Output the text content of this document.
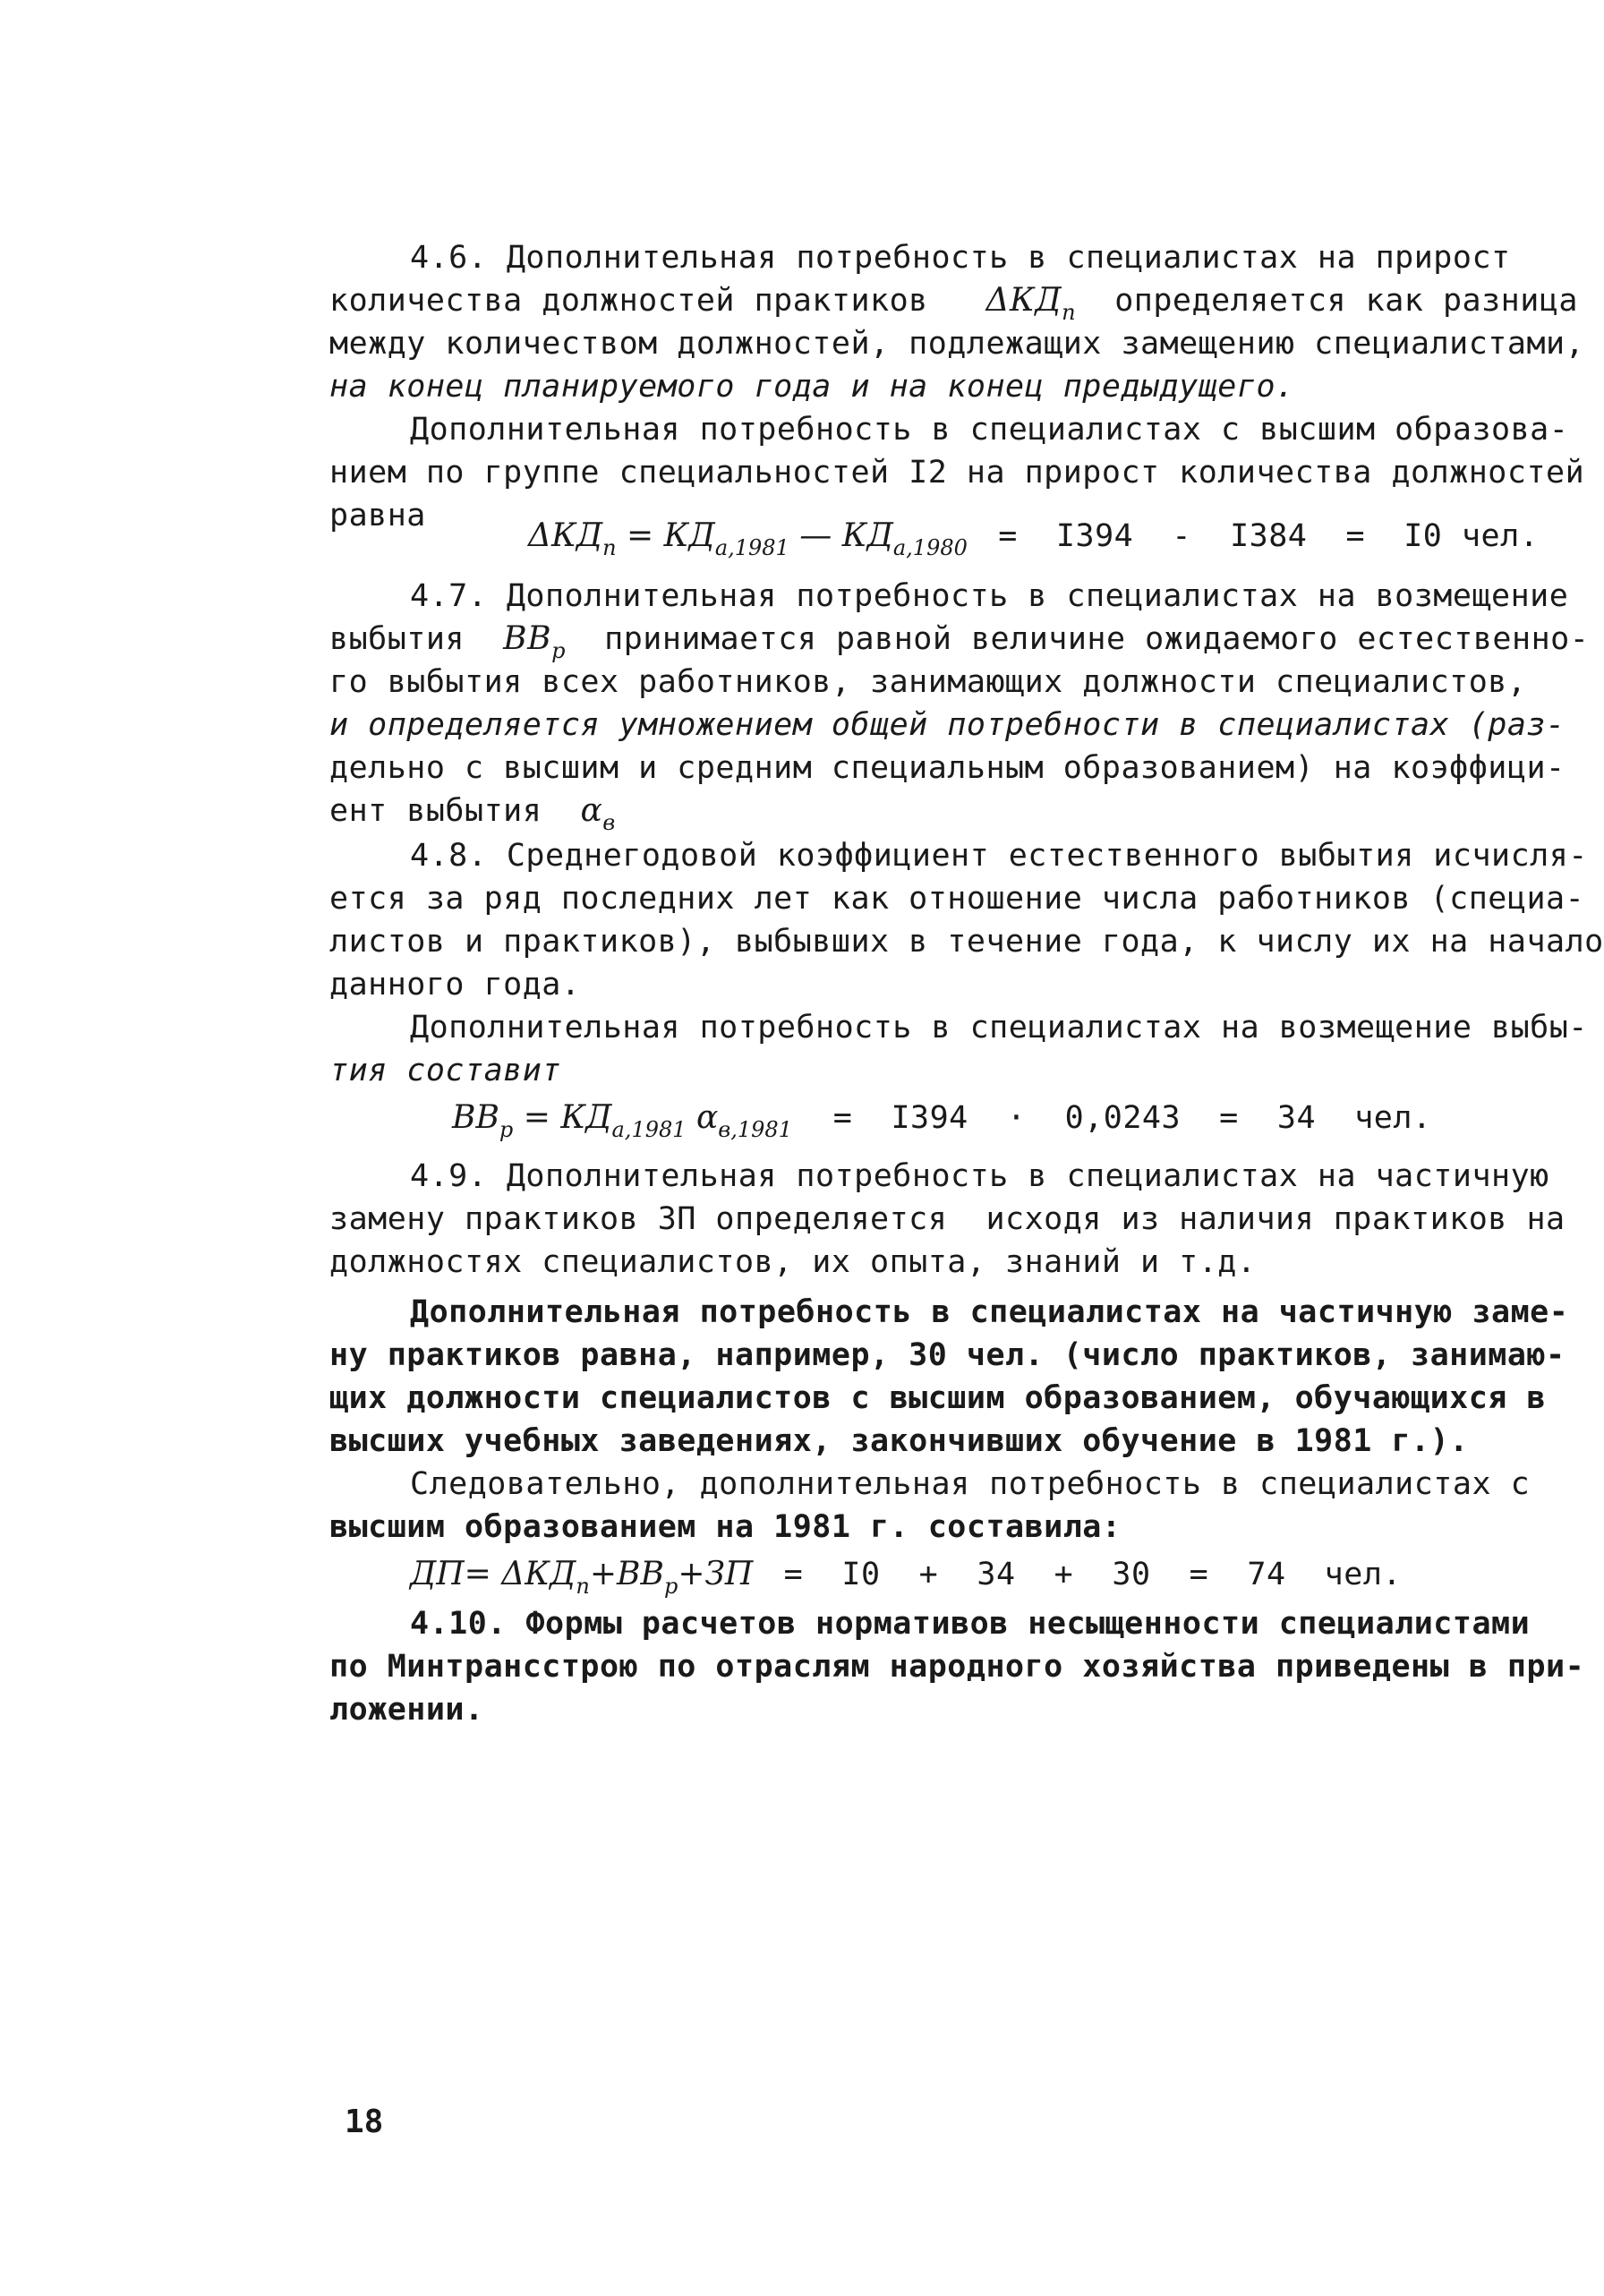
4.6. Дополнительная потребность в специалистах на прирост
количества должностей практиков $\Delta КД_п$ определяется как разница
между количеством должностей, подлежащих замещению специалистами,
на конец планируемого года и на конец предыдущего.
Дополнительная потребность в специалистах с высшим образова-
нием по группе специальностей I2 на прирост количества должностей
равна
$\Delta КД_п = КД_{а,1981}$ — $КД_{а,1980} = I394 - I384 = I0$ чел.
4.7. Дополнительная потребность в специалистах на возмещение
выбытия $ВВ_р$ принимается равной величине ожидаемого естественно-
го выбытия всех работников, занимающих должности специалистов,
и определяется умножением общей потребности в специалистах (раз-
дельно с высшим и средним специальным образованием) на коэффици-
ент выбытия $\alpha_в$
4.8. Среднегодовой коэффициент естественного выбытия исчисля-
ется за ряд последних лет как отношение числа работников (специа-
листов и практиков), выбывших в течение года, к числу их на начало
данного года.
Дополнительная потребность в специалистах на возмещение выбы-
тия составит
$ВВ_р = КД_{а,1981}$ $\alpha_{в,1981} = I394 \cdot 0,0243 = 34$  чел.
4.9. Дополнительная потребность в специалистах на частичную
замену практиков ЗП определяется  исходя из наличия практиков на
должностях специалистов, их опыта, знаний и т.д.
Дополнительная потребность в специалистах на частичную заме-
ну практиков равна, например, 30 чел. (число практиков, занимаю-
щих должности специалистов с высшим образованием, обучающихся в
высших учебных заведениях, закончивших обучение в 1981 г.).
Следовательно, дополнительная потребность в специалистах с
высшим образованием на 1981 г. составила:
$ДП= \Delta КД_п+ВВ_р+ЗП = I0 + 34 + 30 = 74$  чел.
4.10. Формы расчетов нормативов несыщенности специалистами
по Минтрансстрою по отраслям народного хозяйства приведены в при-
ложении.
18
